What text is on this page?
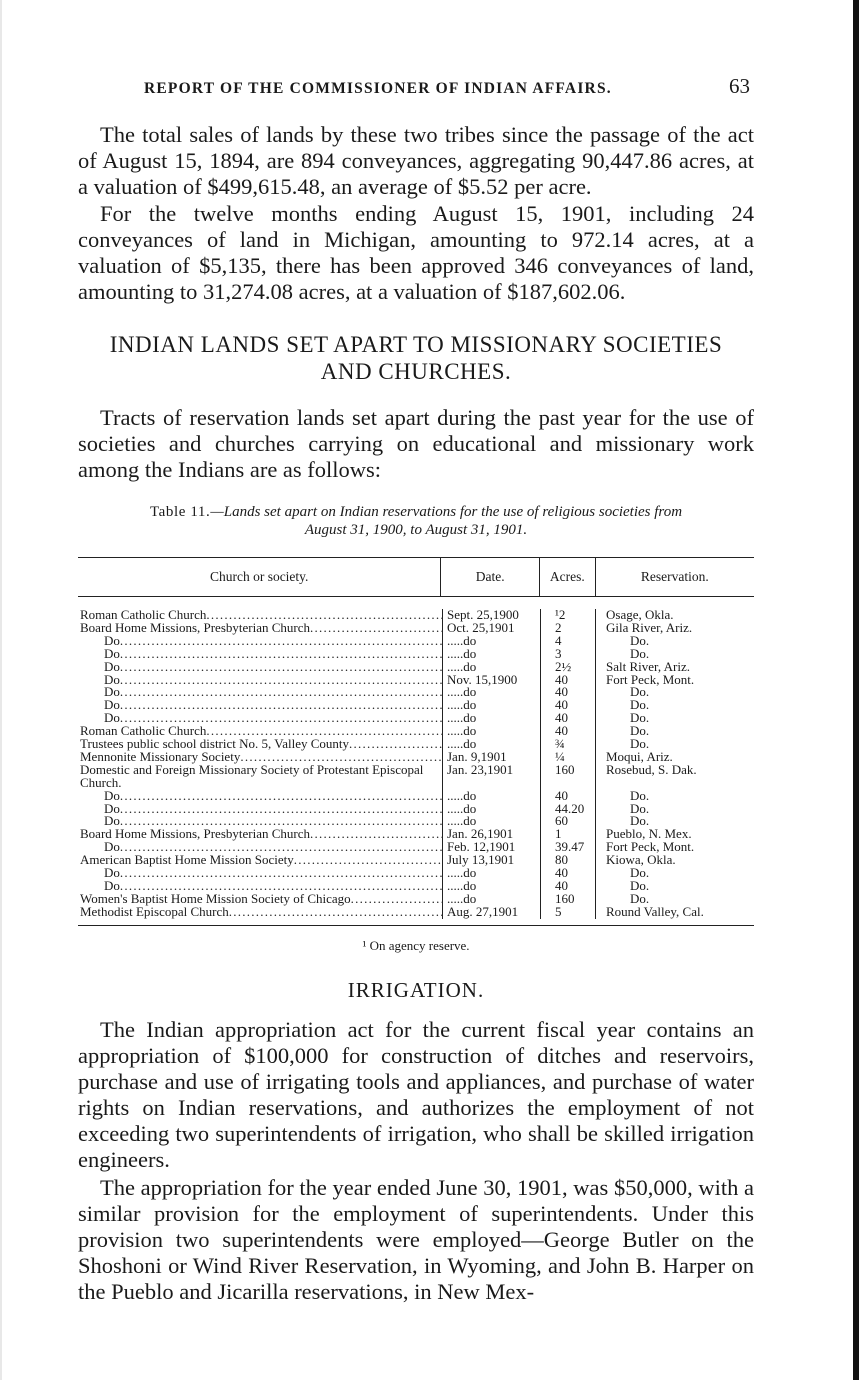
REPORT OF THE COMMISSIONER OF INDIAN AFFAIRS.	63

The total sales of lands by these two tribes since the passage of the act of August 15, 1894, are 894 conveyances, aggregating 90,447.86 acres, at a valuation of $499,615.48, an average of $5.52 per acre.

For the twelve months ending August 15, 1901, including 24 conveyances of land in Michigan, amounting to 972.14 acres, at a valuation of $5,135, there has been approved 346 conveyances of land, amounting to 31,274.08 acres, at a valuation of $187,602.06.

INDIAN LANDS SET APART TO MISSIONARY SOCIETIES
AND CHURCHES.

Tracts of reservation lands set apart during the past year for the use of societies and churches carrying on educational and missionary work among the Indians are as follows:

Table 11.—Lands set apart on Indian reservations for the use of religious societies from
August 31, 1900, to August 31, 1901.
Church or society.	Date.	Acres.	Reservation.
Roman Catholic Church . . .	Sept. 25,1900	¹2	Osage, Okla.
Board Home Missions, Presbyterian Church . . .	Oct. 25,1901	2	Gila River, Ariz.
Do . . .	.....do	4	Do.
Do . . .	.....do	3	Do.
Do . . .	.....do	2½	Salt River, Ariz.
Do . . .	Nov. 15,1900	40	Fort Peck, Mont.
Do . . .	.....do	40	Do.
Do . . .	.....do	40	Do.
Do . . .	.....do	40	Do.
Roman Catholic Church . . .	.....do	40	Do.
Trustees public school district No. 5, Valley County . . .	.....do	¾	Do.
Mennonite Missionary Society . . .	Jan. 9,1901	¼	Moqui, Ariz.
Domestic and Foreign Missionary Society of Protestant Episcopal Church.
Jan. 23,1901	160	Rosebud, S. Dak.
Do . . .	.....do	40	Do.
Do . . .	.....do	44.20	Do.
Do . . .	.....do	60	Do.
Board Home Missions, Presbyterian Church . . .	Jan. 26,1901	1	Pueblo, N. Mex.
Do . . .	Feb. 12,1901	39.47	Fort Peck, Mont.
American Baptist Home Mission Society . . .	July 13,1901	80	Kiowa, Okla.
Do . . .	.....do	40	Do.
Do . . .	.....do	40	Do.
Women's Baptist Home Mission Society of Chicago . . .	.....do	160	Do.
Methodist Episcopal Church . . .	Aug. 27,1901	5	Round Valley, Cal.
¹ On agency reserve.
IRRIGATION.

The Indian appropriation act for the current fiscal year contains an appropriation of $100,000 for construction of ditches and reservoirs, purchase and use of irrigating tools and appliances, and purchase of water rights on Indian reservations, and authorizes the employment of not exceeding two superintendents of irrigation, who shall be skilled irrigation engineers.

The appropriation for the year ended June 30, 1901, was $50,000, with a similar provision for the employment of superintendents. Under this provision two superintendents were employed—George Butler on the Shoshoni or Wind River Reservation, in Wyoming, and John B. Harper on the Pueblo and Jicarilla reservations, in New Mex-
